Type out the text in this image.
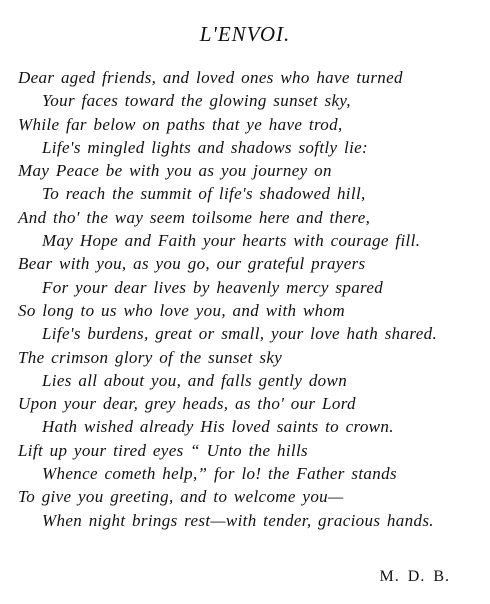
L'ENVOI.
Dear aged friends, and loved ones who have turned
Your faces toward the glowing sunset sky,
While far below on paths that ye have trod,
Life's mingled lights and shadows softly lie:
May Peace be with you as you journey on
To reach the summit of life's shadowed hill,
And tho' the way seem toilsome here and there,
May Hope and Faith your hearts with courage fill.
Bear with you, as you go, our grateful prayers
For your dear lives by heavenly mercy spared
So long to us who love you, and with whom
Life's burdens, great or small, your love hath shared.
The crimson glory of the sunset sky
Lies all about you, and falls gently down
Upon your dear, grey heads, as tho' our Lord
Hath wished already His loved saints to crown.
Lift up your tired eyes “ Unto the hills
Whence cometh help,” for lo! the Father stands
To give you greeting, and to welcome you—
When night brings rest—with tender, gracious hands.
M. D. B.
